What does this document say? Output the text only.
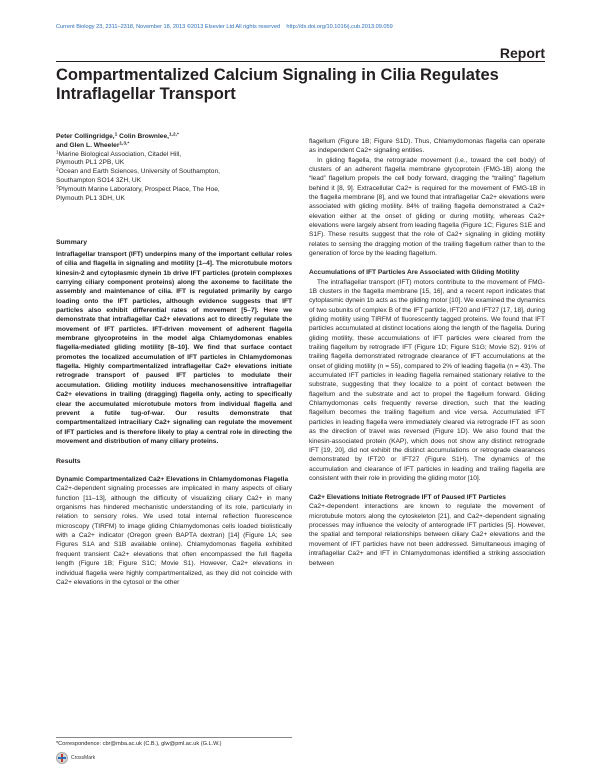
Current Biology 23, 2311–2318, November 18, 2013 ©2013 Elsevier Ltd All rights reserved http://dx.doi.org/10.1016/j.cub.2013.09.059
Report
Compartmentalized Calcium Signaling in Cilia Regulates Intraflagellar Transport
Peter Collingridge,$^1$ Colin Brownlee,$^{1,2,*}$
and Glen L. Wheeler$^{1,3,*}$
$^1$Marine Biological Association, Citadel Hill,
Plymouth PL1 2PB, UK
$^2$Ocean and Earth Sciences, University of Southampton,
Southampton SO14 3ZH, UK
$^3$Plymouth Marine Laboratory, Prospect Place, The Hoe,
Plymouth PL1 3DH, UK
Summary

Intraflagellar transport (IFT) underpins many of the important cellular roles of cilia and flagella in signaling and motility [1–4]. The microtubule motors kinesin-2 and cytoplasmic dynein 1b drive IFT particles (protein complexes carrying ciliary component proteins) along the axoneme to facilitate the assembly and maintenance of cilia. IFT is regulated primarily by cargo loading onto the IFT particles, although evidence suggests that IFT particles also exhibit differential rates of movement [5–7]. Here we demonstrate that intraflagellar Ca2+ elevations act to directly regulate the movement of IFT particles. IFT-driven movement of adherent flagella membrane glycoproteins in the model alga Chlamydomonas enables flagella-mediated gliding motility [8–10]. We find that surface contact promotes the localized accumulation of IFT particles in Chlamydomonas flagella. Highly compartmentalized intraflagellar Ca2+ elevations initiate retrograde transport of paused IFT particles to modulate their accumulation. Gliding motility induces mechanosensitive intraflagellar Ca2+ elevations in trailing (dragging) flagella only, acting to specifically clear the accumulated microtubule motors from individual flagella and prevent a futile tug-of-war. Our results demonstrate that compartmentalized intraciliary Ca2+ signaling can regulate the movement of IFT particles and is therefore likely to play a central role in directing the movement and distribution of many ciliary proteins.

Results
Dynamic Compartmentalized Ca2+ Elevations in Chlamydomonas Flagella

Ca2+-dependent signaling processes are implicated in many aspects of ciliary function [11–13], although the difficulty of visualizing ciliary Ca2+ in many organisms has hindered mechanistic understanding of its role, particularly in relation to sensory roles. We used total internal reflection fluorescence microscopy (TIRFM) to image gliding Chlamydomonas cells loaded biolistically with a Ca2+ indicator (Oregon green BAPTA dextran) [14] (Figure 1A; see Figures S1A and S1B available online). Chlamydomonas flagella exhibited frequent transient Ca2+ elevations that often encompassed the full flagella length (Figure 1B; Figure S1C; Movie S1). However, Ca2+ elevations in individual flagella were highly compartmentalized, as they did not coincide with Ca2+ elevations in the cytosol or the other

flagellum (Figure 1B; Figure S1D). Thus, Chlamydomonas flagella can operate as independent Ca2+ signaling entities.

In gliding flagella, the retrograde movement (i.e., toward the cell body) of clusters of an adherent flagella membrane glycoprotein (FMG-1B) along the “lead” flagellum propels the cell body forward, dragging the “trailing” flagellum behind it [8, 9]. Extracellular Ca2+ is required for the movement of FMG-1B in the flagella membrane [8], and we found that intraflagellar Ca2+ elevations were associated with gliding motility. 84% of trailing flagella demonstrated a Ca2+ elevation either at the onset of gliding or during motility, whereas Ca2+ elevations were largely absent from leading flagella (Figure 1C; Figures S1E and S1F). These results suggest that the role of Ca2+ signaling in gliding motility relates to sensing the dragging motion of the trailing flagellum rather than to the generation of force by the leading flagellum.

Accumulations of IFT Particles Are Associated with Gliding Motility

The intraflagellar transport (IFT) motors contribute to the movement of FMG-1B clusters in the flagella membrane [15, 16], and a recent report indicates that cytoplasmic dynein 1b acts as the gliding motor [10]. We examined the dynamics of two subunits of complex B of the IFT particle, IFT20 and IFT27 [17, 18], during gliding motility using TIRFM of fluorescently tagged proteins. We found that IFT particles accumulated at distinct locations along the length of the flagella. During gliding motility, these accumulations of IFT particles were cleared from the trailing flagellum by retrograde IFT (Figure 1D; Figure S1G; Movie S2). 91% of trailing flagella demonstrated retrograde clearance of IFT accumulations at the onset of gliding motility (n = 55), compared to 2% of leading flagella (n = 43). The accumulated IFT particles in leading flagella remained stationary relative to the substrate, suggesting that they localize to a point of contact between the flagellum and the substrate and act to propel the flagellum forward. Gliding Chlamydomonas cells frequently reverse direction, such that the leading flagellum becomes the trailing flagellum and vice versa. Accumulated IFT particles in leading flagella were immediately cleared via retrograde IFT as soon as the direction of travel was reversed (Figure 1D). We also found that the kinesin-associated protein (KAP), which does not show any distinct retrograde IFT [19, 20], did not exhibit the distinct accumulations or retrograde clearances demonstrated by IFT20 or IFT27 (Figure S1H). The dynamics of the accumulation and clearance of IFT particles in leading and trailing flagella are consistent with their role in providing the gliding motor [10].

Ca2+ Elevations Initiate Retrograde IFT of Paused IFT Particles

Ca2+-dependent interactions are known to regulate the movement of microtubule motors along the cytoskeleton [21], and Ca2+-dependent signaling processes may influence the velocity of anterograde IFT particles [5]. However, the spatial and temporal relationships between ciliary Ca2+ elevations and the movement of IFT particles have not been addressed. Simultaneous imaging of intraflagellar Ca2+ and IFT in Chlamydomonas identified a striking association between

*Correspondence: cbr@mba.ac.uk (C.B.), glw@pml.ac.uk (G.L.W.)
CrossMark
